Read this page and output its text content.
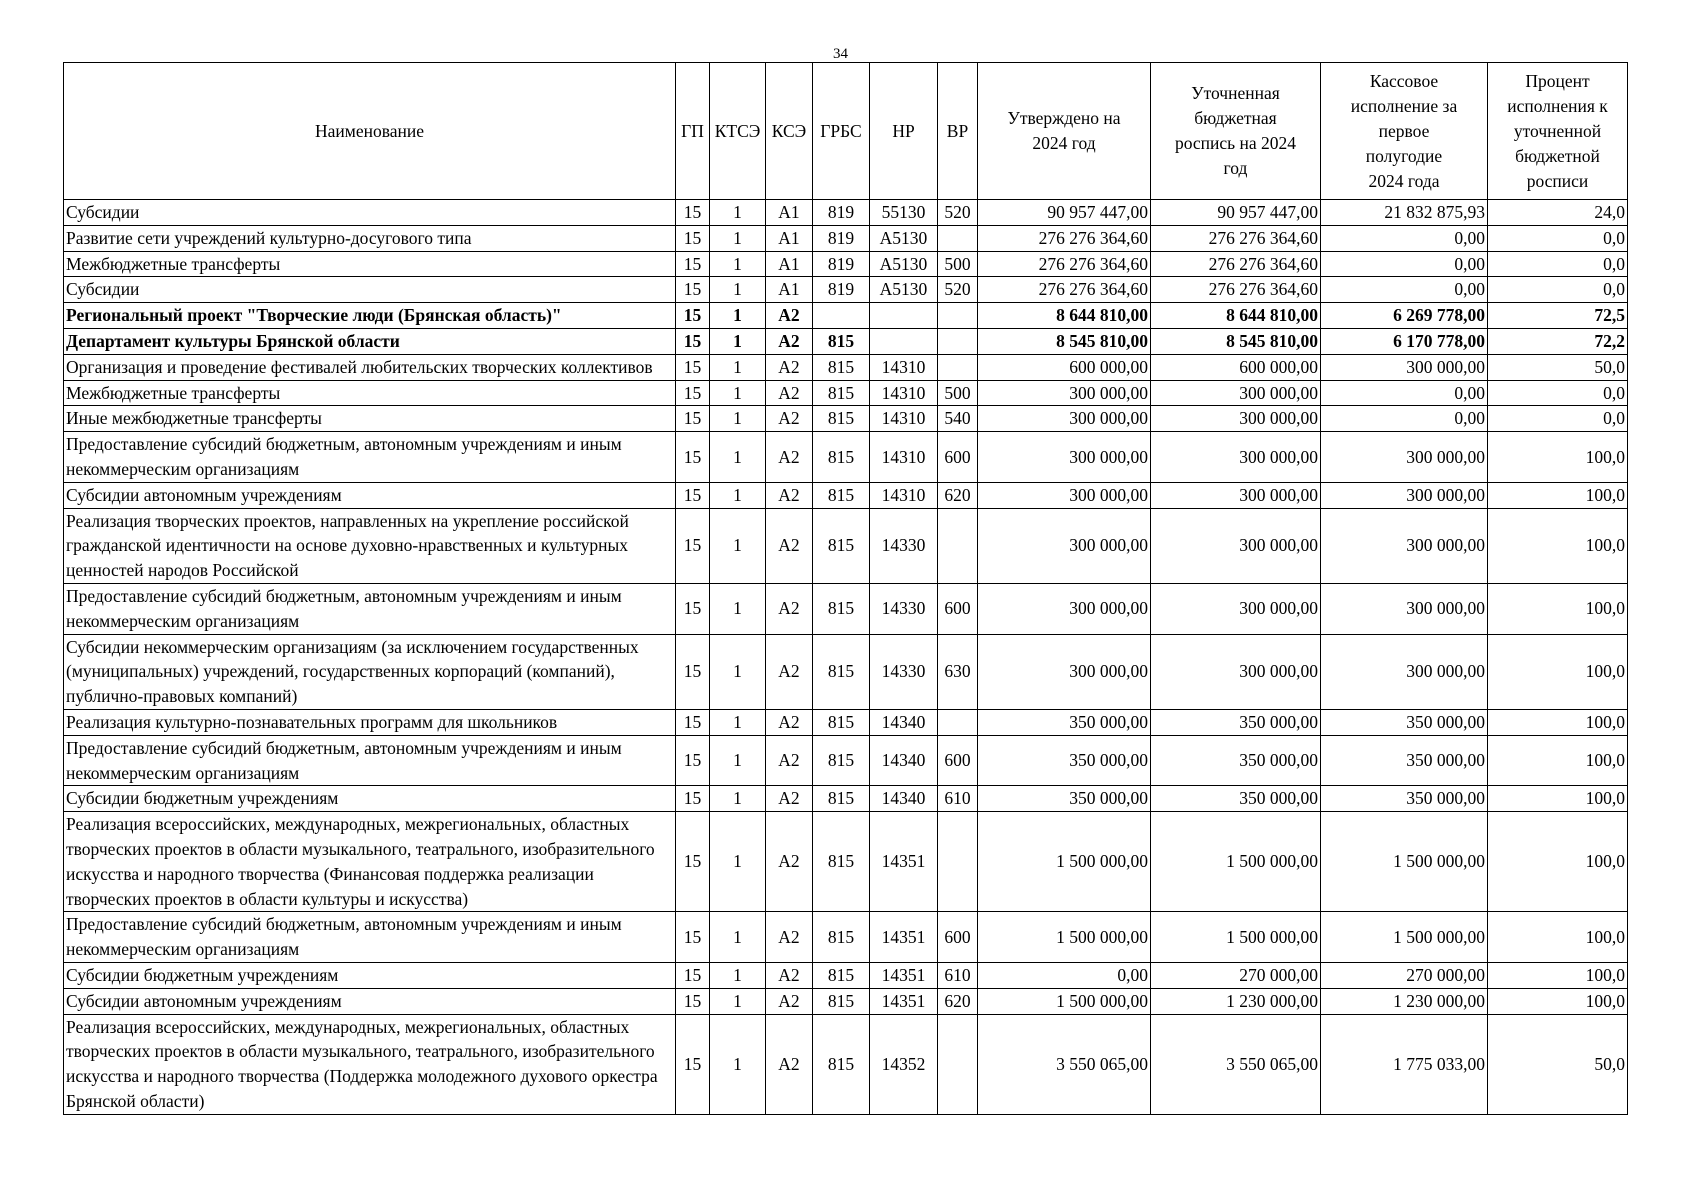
34
Наименование	ГП	КТСЭ	КСЭ	ГРБС	НР	ВР	Утверждено на 2024 год	Уточненная бюджетная роспись на 2024 год	Кассовое исполнение за первое полугодие 2024 года	Процент исполнения к уточненной бюджетной росписи
Субсидии	15	1	А1	819	55130	520	90 957 447,00	90 957 447,00	21 832 875,93	24,0
Развитие сети учреждений культурно-досугового типа	15	1	А1	819	А5130		276 276 364,60	276 276 364,60	0,00	0,0
Межбюджетные трансферты	15	1	А1	819	А5130	500	276 276 364,60	276 276 364,60	0,00	0,0
Субсидии	15	1	А1	819	А5130	520	276 276 364,60	276 276 364,60	0,00	0,0
Региональный проект "Творческие люди (Брянская область)"	15	1	А2				8 644 810,00	8 644 810,00	6 269 778,00	72,5
Департамент культуры Брянской области	15	1	А2	815			8 545 810,00	8 545 810,00	6 170 778,00	72,2
Организация и проведение фестивалей любительских творческих коллективов	15	1	А2	815	14310		600 000,00	600 000,00	300 000,00	50,0
Межбюджетные трансферты	15	1	А2	815	14310	500	300 000,00	300 000,00	0,00	0,0
Иные межбюджетные трансферты	15	1	А2	815	14310	540	300 000,00	300 000,00	0,00	0,0
Предоставление субсидий бюджетным, автономным учреждениям и иным некоммерческим организациям	15	1	А2	815	14310	600	300 000,00	300 000,00	300 000,00	100,0
Субсидии автономным учреждениям	15	1	А2	815	14310	620	300 000,00	300 000,00	300 000,00	100,0
Реализация творческих проектов, направленных на укрепление российской гражданской идентичности на основе духовно-нравственных и культурных ценностей народов Российской	15	1	А2	815	14330		300 000,00	300 000,00	300 000,00	100,0
Предоставление субсидий бюджетным, автономным учреждениям и иным некоммерческим организациям	15	1	А2	815	14330	600	300 000,00	300 000,00	300 000,00	100,0
Субсидии некоммерческим организациям (за исключением государственных (муниципальных) учреждений, государственных корпораций (компаний), публично-правовых компаний)	15	1	А2	815	14330	630	300 000,00	300 000,00	300 000,00	100,0
Реализация культурно-познавательных программ для школьников	15	1	А2	815	14340		350 000,00	350 000,00	350 000,00	100,0
Предоставление субсидий бюджетным, автономным учреждениям и иным некоммерческим организациям	15	1	А2	815	14340	600	350 000,00	350 000,00	350 000,00	100,0
Субсидии бюджетным учреждениям	15	1	А2	815	14340	610	350 000,00	350 000,00	350 000,00	100,0
Реализация всероссийских, международных, межрегиональных, областных творческих проектов в области музыкального, театрального, изобразительного искусства и народного творчества (Финансовая поддержка реализации творческих проектов в области культуры и искусства)	15	1	А2	815	14351		1 500 000,00	1 500 000,00	1 500 000,00	100,0
Предоставление субсидий бюджетным, автономным учреждениям и иным некоммерческим организациям	15	1	А2	815	14351	600	1 500 000,00	1 500 000,00	1 500 000,00	100,0
Субсидии бюджетным учреждениям	15	1	А2	815	14351	610	0,00	270 000,00	270 000,00	100,0
Субсидии автономным учреждениям	15	1	А2	815	14351	620	1 500 000,00	1 230 000,00	1 230 000,00	100,0
Реализация всероссийских, международных, межрегиональных, областных творческих проектов в области музыкального, театрального, изобразительного искусства и народного творчества (Поддержка молодежного духового оркестра Брянской области)	15	1	А2	815	14352		3 550 065,00	3 550 065,00	1 775 033,00	50,0
